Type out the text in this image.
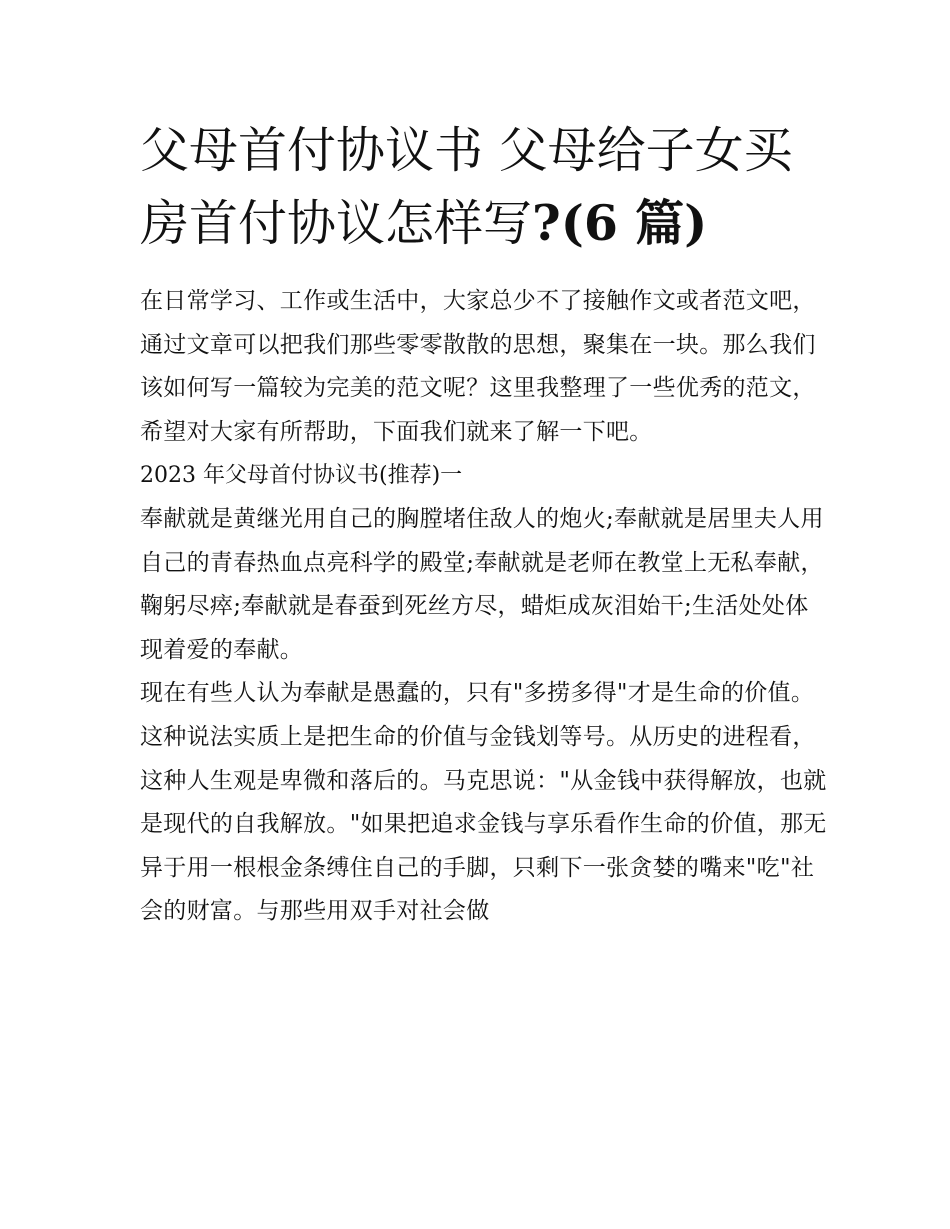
父母首付协议书 父母给子女买房首付协议怎样写?(6 篇)

在日常学习、工作或生活中，大家总少不了接触作文或者范文吧，通过文章可以把我们那些零零散散的思想，聚集在一块。那么我们该如何写一篇较为完美的范文呢？这里我整理了一些优秀的范文，希望对大家有所帮助，下面我们就来了解一下吧。

2023 年父母首付协议书(推荐)一

奉献就是黄继光用自己的胸膛堵住敌人的炮火;奉献就是居里夫人用自己的青春热血点亮科学的殿堂;奉献就是老师在教堂上无私奉献，鞠躬尽瘁;奉献就是春蚕到死丝方尽，蜡炬成灰泪始干;生活处处体现着爱的奉献。

现在有些人认为奉献是愚蠢的，只有"多捞多得"才是生命的价值。这种说法实质上是把生命的价值与金钱划等号。从历史的进程看，这种人生观是卑微和落后的。马克思说："从金钱中获得解放，也就是现代的自我解放。"如果把追求金钱与享乐看作生命的价值，那无异于用一根根金条缚住自己的手脚，只剩下一张贪婪的嘴来"吃"社会的财富。与那些用双手对社会做
